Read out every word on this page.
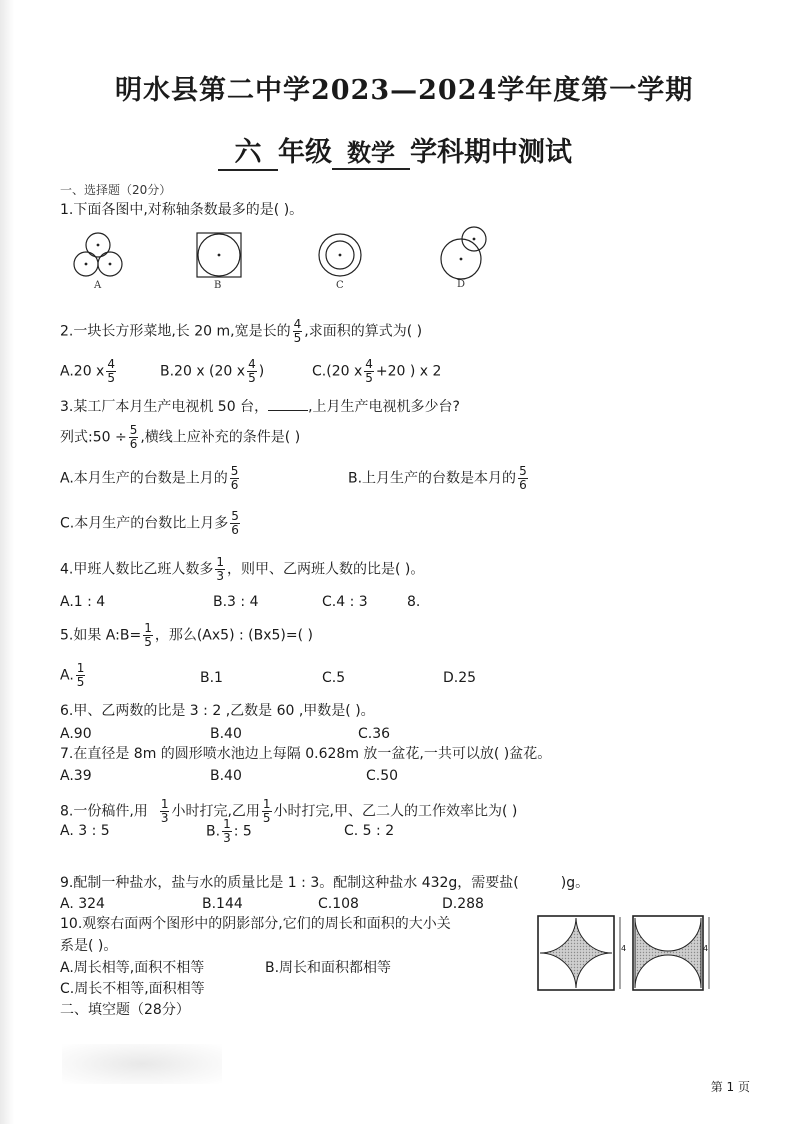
明水县第二中学2023—2024学年度第一学期
六 年级 数学 学科期中测试
一、选择题（20分）
1.下面各图中,对称轴条数最多的是( )。
A	B	C	D
2.一块长方形菜地,长 20 m,宽是长的 $\frac{4}{5}$ ,求面积的算式为( )
A.20 x $\frac{4}{5}$	B.20 x (20 x $\frac{4}{5}$ )	C.(20 x $\frac{4}{5} +20$ ) x 2
3.某工厂本月生产电视机 50 台，	,上月生产电视机多少台?
列式:50 ÷ $\frac{5}{6}$ ,横线上应补充的条件是( )
A.本月生产的台数是上月的 $\frac{5}{6}$	B.上月生产的台数是本月的 $\frac{5}{6}$
C.本月生产的台数比上月多 $\frac{5}{6}$
4.甲班人数比乙班人数多 $\frac{1}{3}$ ，则甲、乙两班人数的比是( )。
A.1 : 4	B.3 : 4	C.4 : 3	8.
5.如果 A:B= $\frac{1}{5}$ ，那么(Ax5) : (Bx5)=( )
A. $\frac{1}{5}$	B.1	C.5	D.25
6.甲、乙两数的比是 3 : 2 ,乙数是 60 ,甲数是( )。
A.90	B.40	C.36
7.在直径是 8m 的圆形喷水池边上每隔 0.628m 放一盆花,一共可以放( )盆花。
A.39	B.40	C.50
8.一份稿件,用 $\frac{1}{3}$ 小时打完,乙用 $\frac{1}{5}$ 小时打完,甲、乙二人的工作效率比为( )
A. 3 : 5	B. $\frac{1}{3}$ : 5	C. 5 : 2
9.配制一种盐水，盐与水的质量比是 1 : 3。配制这种盐水 432g，需要盐(	)g。
A. 324	B.144	C.108	D.288
10.观察右面两个图形中的阴影部分,它们的周长和面积的大小关
系是( )。
A.周长相等,面积不相等	B.周长和面积都相等
C.周长不相等,面积相等
4	4
二、填空题（28分）
第 1 页
